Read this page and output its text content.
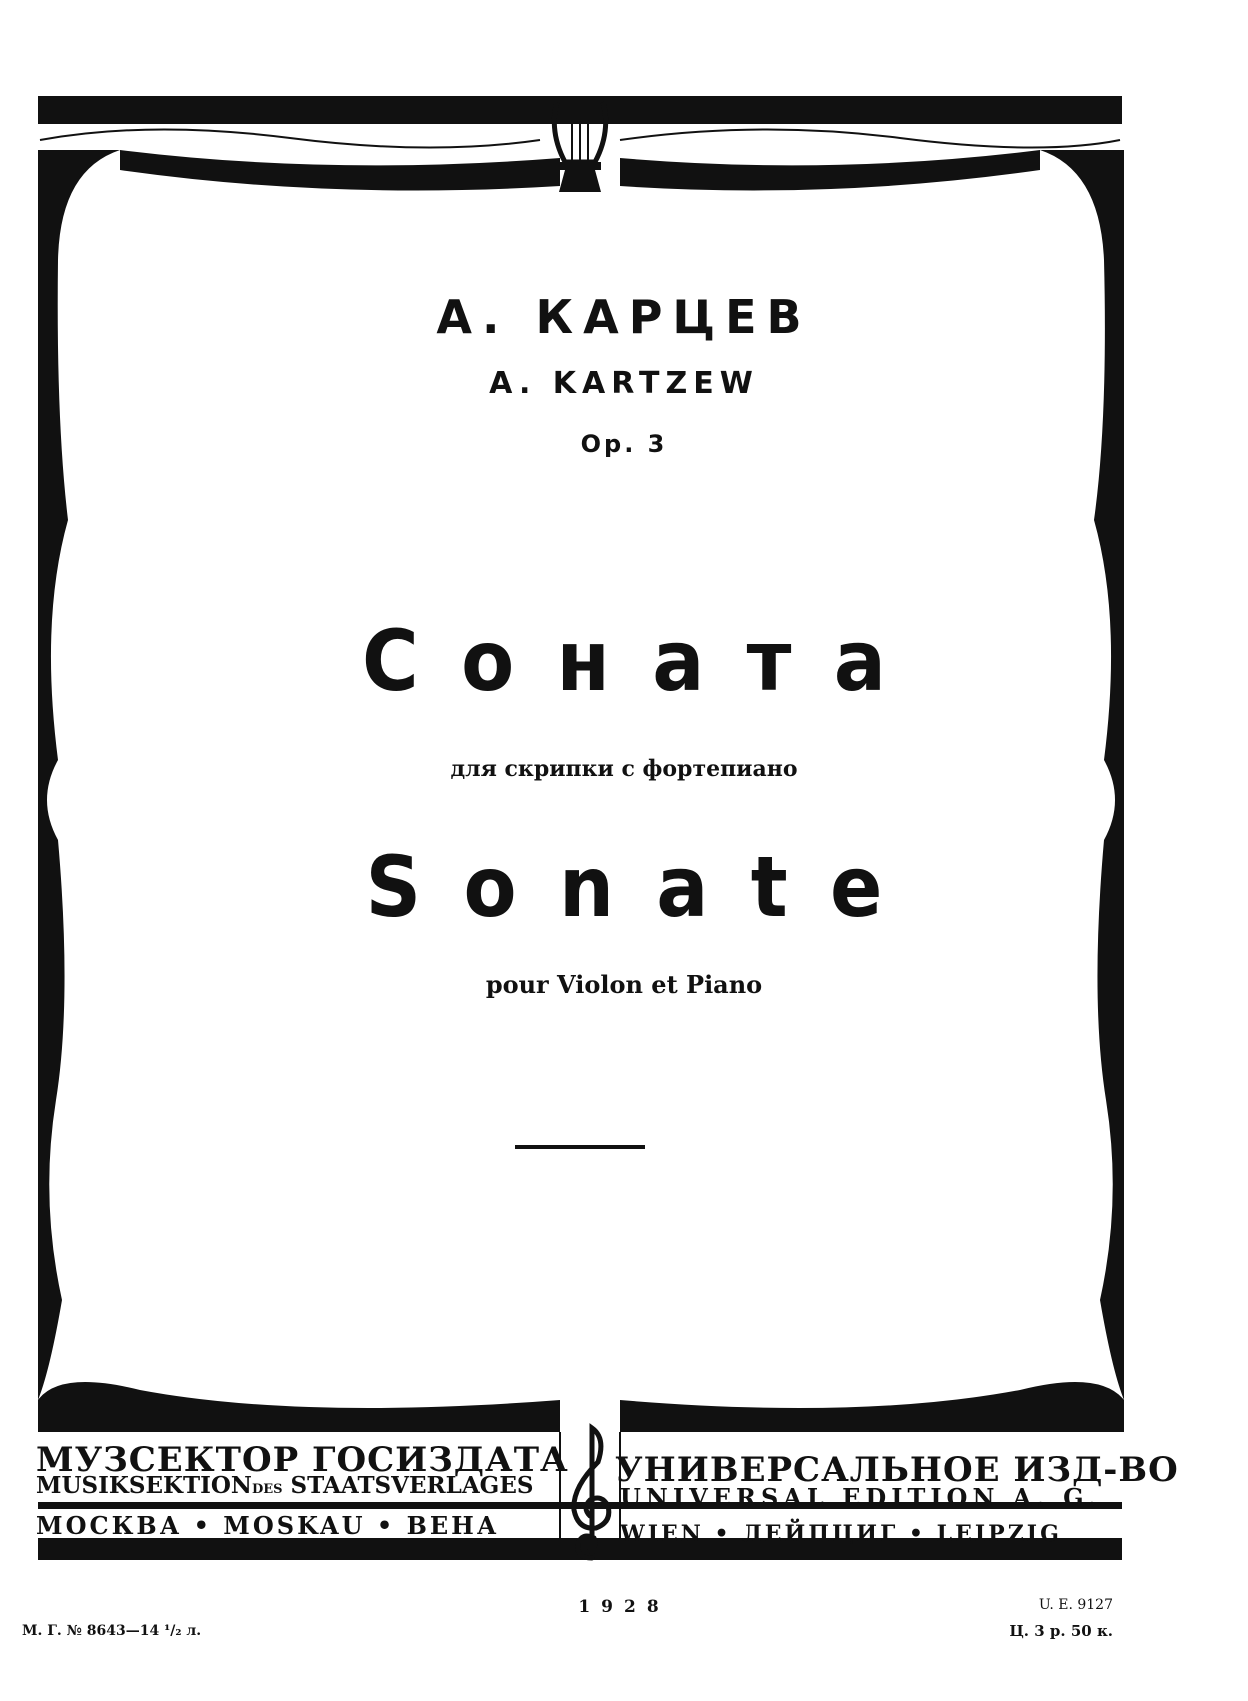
А. КАРЦЕВ
A. KARTZEW
Op. 3
Соната
для скрипки с фортепиано
Sonate
pour Violon et Piano
МУЗСЕКТОР ГОСИЗДАТА
MUSIKSEKTIONDES STAATSVERLAGES
МОСКВА • MOSKAU • ВЕНА
УНИВЕРСАЛЬНОЕ ИЗД-ВО
UNIVERSAL EDITION A. G.
WIEN • ЛЕЙПЦИГ • LEIPZIG
М. Г. № 8643—14 ¹/₂ л.
1928	U. E. 9127
Ц. 3 р. 50 к.
